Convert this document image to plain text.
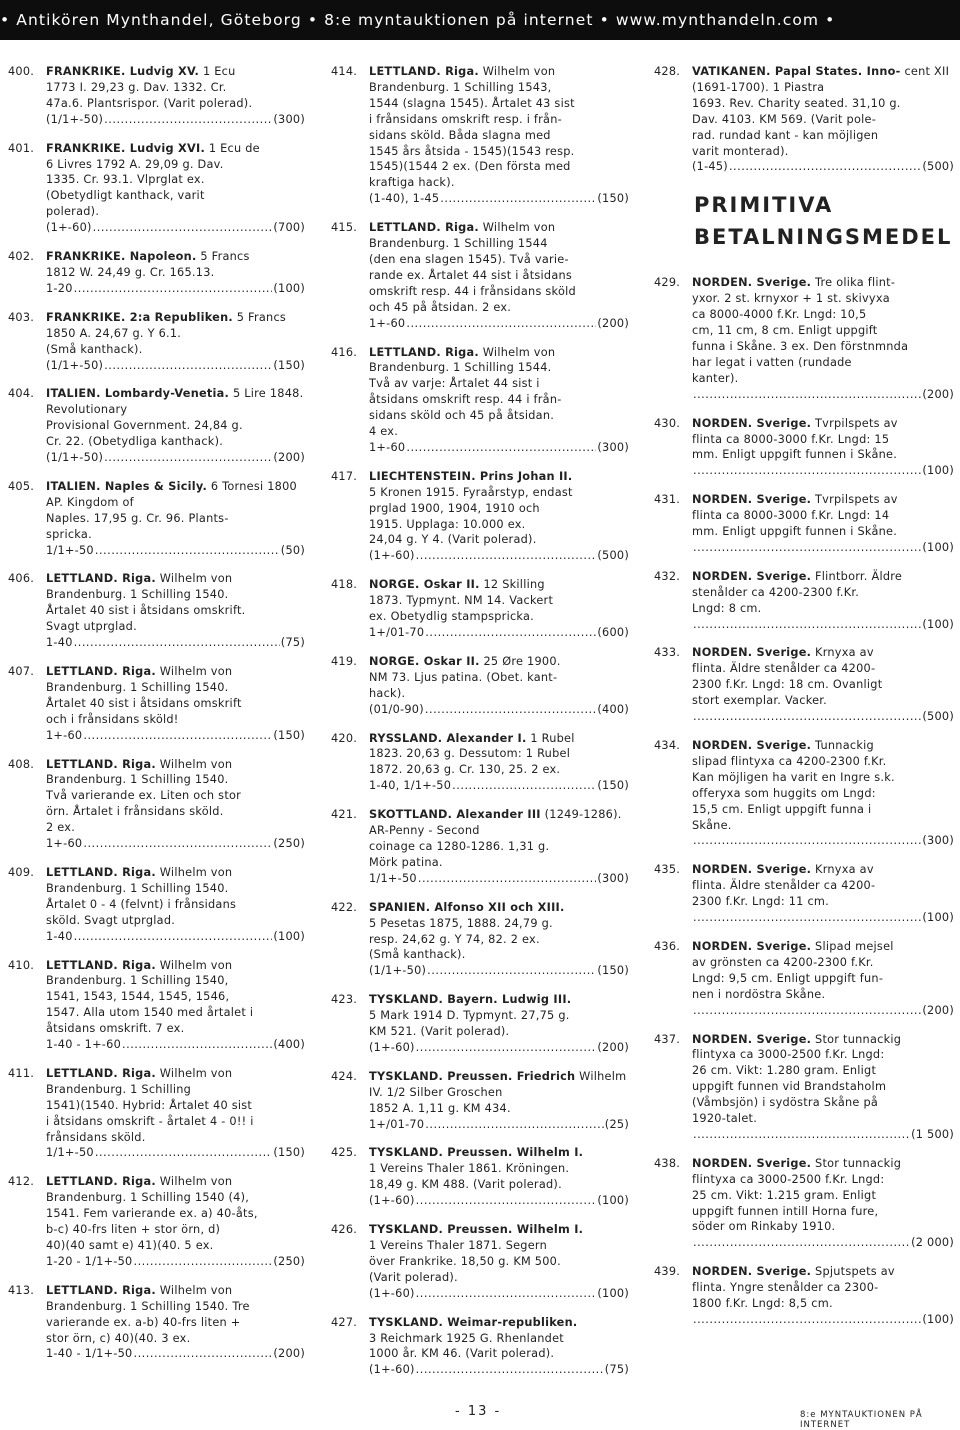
• Antikören Mynthandel, Göteborg • 8:e myntauktionen på internet • www.mynthandeln.com •
400. FRANKRIKE. Ludvig XV. 1 Ecu
1773 I. 29,23 g. Dav. 1332. Cr.
47a.6. Plantsrispor. (Varit polerad).
(1/1+-50) .....	(300)
401. FRANKRIKE. Ludvig XVI. 1 Ecu de
6 Livres 1792 A. 29,09 g. Dav.
1335. Cr. 93.1. Vlprglat ex.
(Obetydligt kanthack, varit
polerad).
(1+-60) .....	(700)
402. FRANKRIKE. Napoleon. 5 Francs
1812 W. 24,49 g. Cr. 165.13.
1-20 .....	(100)
403. FRANKRIKE. 2:a Republiken. 5 Francs 1850 A. 24,67 g. Y 6.1.
(Små kanthack).
(1/1+-50) .....	(150)
404. ITALIEN. Lombardy-Venetia. 5 Lire 1848. Revolutionary
Provisional Government. 24,84 g.
Cr. 22. (Obetydliga kanthack).
(1/1+-50) .....	(200)
405. ITALIEN. Naples & Sicily. 6 Tornesi 1800 AP. Kingdom of
Naples. 17,95 g. Cr. 96. Plants-
spricka.
1/1+-50 .....	(50)
406. LETTLAND. Riga. Wilhelm von
Brandenburg. 1 Schilling 1540.
Årtalet 40 sist i åtsidans omskrift.
Svagt utprglad.
1-40 .....	(75)
407. LETTLAND. Riga. Wilhelm von
Brandenburg. 1 Schilling 1540.
Årtalet 40 sist i åtsidans omskrift
och i frånsidans sköld!
1+-60 .....	(150)
408. LETTLAND. Riga. Wilhelm von
Brandenburg. 1 Schilling 1540.
Två varierande ex. Liten och stor
örn. Årtalet i frånsidans sköld.
2 ex.
1+-60 .....	(250)
409. LETTLAND. Riga. Wilhelm von
Brandenburg. 1 Schilling 1540.
Årtalet 0 - 4 (felvnt) i frånsidans
sköld. Svagt utprglad.
1-40 .....	(100)
410. LETTLAND. Riga. Wilhelm von
Brandenburg. 1 Schilling 1540,
1541, 1543, 1544, 1545, 1546,
1547. Alla utom 1540 med årtalet i
åtsidans omskrift. 7 ex.
1-40 - 1+-60 .....	(400)
411. LETTLAND. Riga. Wilhelm von
Brandenburg. 1 Schilling
1541)(1540. Hybrid: Årtalet 40 sist
i åtsidans omskrift - årtalet 4 - 0!! i
frånsidans sköld.
1/1+-50 .....	(150)
412. LETTLAND. Riga. Wilhelm von
Brandenburg. 1 Schilling 1540 (4),
1541. Fem varierande ex. a) 40-åts,
b-c) 40-frs liten + stor örn, d)
40)(40 samt e) 41)(40. 5 ex.
1-20 - 1/1+-50 .....	(250)
413. LETTLAND. Riga. Wilhelm von
Brandenburg. 1 Schilling 1540. Tre
varierande ex. a-b) 40-frs liten +
stor örn, c) 40)(40. 3 ex.
1-40 - 1/1+-50 .....	(200)
414. LETTLAND. Riga. Wilhelm von
Brandenburg. 1 Schilling 1543,
1544 (slagna 1545). Årtalet 43 sist
i frånsidans omskrift resp. i från-
sidans sköld. Båda slagna med
1545 års åtsida - 1545)(1543 resp.
1545)(1544 2 ex. (Den första med
kraftiga hack).
(1-40), 1-45 .....	(150)
415. LETTLAND. Riga. Wilhelm von
Brandenburg. 1 Schilling 1544
(den ena slagen 1545). Två varie-
rande ex. Årtalet 44 sist i åtsidans
omskrift resp. 44 i frånsidans sköld
och 45 på åtsidan. 2 ex.
1+-60 .....	(200)
416. LETTLAND. Riga. Wilhelm von
Brandenburg. 1 Schilling 1544.
Två av varje: Årtalet 44 sist i
åtsidans omskrift resp. 44 i från-
sidans sköld och 45 på åtsidan.
4 ex.
1+-60 .....	(300)
417. LIECHTENSTEIN. Prins Johan II.
5 Kronen 1915. Fyraårstyp, endast
prglad 1900, 1904, 1910 och
1915. Upplaga: 10.000 ex.
24,04 g. Y 4. (Varit polerad).
(1+-60) .....	(500)
418. NORGE. Oskar II. 12 Skilling
1873. Typmynt. NM 14. Vackert
ex. Obetydlig stampspricka.
1+/01-70 .....	(600)
419. NORGE. Oskar II. 25 Øre 1900.
NM 73. Ljus patina. (Obet. kant-
hack).
(01/0-90) .....	(400)
420. RYSSLAND. Alexander I. 1 Rubel
1823. 20,63 g. Dessutom: 1 Rubel
1872. 20,63 g. Cr. 130, 25. 2 ex.
1-40, 1/1+-50 .....	(150)
421. SKOTTLAND. Alexander III (1249-1286). AR-Penny - Second
coinage ca 1280-1286. 1,31 g.
Mörk patina.
1/1+-50 .....	(300)
422. SPANIEN. Alfonso XII och XIII.
5 Pesetas 1875, 1888. 24,79 g.
resp. 24,62 g. Y 74, 82. 2 ex.
(Små kanthack).
(1/1+-50) .....	(150)
423. TYSKLAND. Bayern. Ludwig III.
5 Mark 1914 D. Typmynt. 27,75 g.
KM 521. (Varit polerad).
(1+-60) .....	(200)
424. TYSKLAND. Preussen. Friedrich Wilhelm IV. 1/2 Silber Groschen
1852 A. 1,11 g. KM 434.
1+/01-70 .....	(25)
425. TYSKLAND. Preussen. Wilhelm I.
1 Vereins Thaler 1861. Kröningen.
18,49 g. KM 488. (Varit polerad).
(1+-60) .....	(100)
426. TYSKLAND. Preussen. Wilhelm I.
1 Vereins Thaler 1871. Segern
över Frankrike. 18,50 g. KM 500.
(Varit polerad).
(1+-60) .....	(100)
427. TYSKLAND. Weimar-republiken.
3 Reichmark 1925 G. Rhenlandet
1000 år. KM 46. (Varit polerad).
(1+-60) .....	(75)
428. VATIKANEN. Papal States. Inno- cent XII (1691-1700). 1 Piastra
1693. Rev. Charity seated. 31,10 g.
Dav. 4103. KM 569. (Varit pole-
rad. rundad kant - kan möjligen
varit monterad).
(1-45) .....	(500)
PRIMITIVA BETALNINGSMEDEL
429. NORDEN. Sverige. Tre olika flint-
yxor. 2 st. krnyxor + 1 st. skivyxa
ca 8000-4000 f.Kr. Lngd: 10,5
cm, 11 cm, 8 cm. Enligt uppgift
funna i Skåne. 3 ex. Den förstnmnda
har legat i vatten (rundade
kanter).
.....
(200)
430. NORDEN. Sverige. Tvrpilspets av
flinta ca 8000-3000 f.Kr. Lngd: 15
mm. Enligt uppgift funnen i Skåne.
.....
(100)
431. NORDEN. Sverige. Tvrpilspets av
flinta ca 8000-3000 f.Kr. Lngd: 14
mm. Enligt uppgift funnen i Skåne.
.....
(100)
432. NORDEN. Sverige. Flintborr. Äldre
stenålder ca 4200-2300 f.Kr.
Lngd: 8 cm.
.....
(100)
433. NORDEN. Sverige. Krnyxa av
flinta. Äldre stenålder ca 4200-
2300 f.Kr. Lngd: 18 cm. Ovanligt
stort exemplar. Vacker.
.....
(500)
434. NORDEN. Sverige. Tunnackig
slipad flintyxa ca 4200-2300 f.Kr.
Kan möjligen ha varit en Ingre s.k.
offeryxa som huggits om Lngd:
15,5 cm. Enligt uppgift funna i
Skåne.
.....
(300)
435. NORDEN. Sverige. Krnyxa av
flinta. Äldre stenålder ca 4200-
2300 f.Kr. Lngd: 11 cm.
.....
(100)
436. NORDEN. Sverige. Slipad mejsel
av grönsten ca 4200-2300 f.Kr.
Lngd: 9,5 cm. Enligt uppgift fun-
nen i nordöstra Skåne.
.....
(200)
437. NORDEN. Sverige. Stor tunnackig
flintyxa ca 3000-2500 f.Kr. Lngd:
26 cm. Vikt: 1.280 gram. Enligt
uppgift funnen vid Brandstaholm
(Våmbsjön) i sydöstra Skåne på
1920-talet.
.....
(1 500)
438. NORDEN. Sverige. Stor tunnackig
flintyxa ca 3000-2500 f.Kr. Lngd:
25 cm. Vikt: 1.215 gram. Enligt
uppgift funnen intill Horna fure,
söder om Rinkaby 1910.
.....
(2 000)
439. NORDEN. Sverige. Spjutspets av
flinta. Yngre stenålder ca 2300-
1800 f.Kr. Lngd: 8,5 cm.
.....
(100)
- 13 -	8:e MYNTAUKTIONEN PÅ INTERNET
